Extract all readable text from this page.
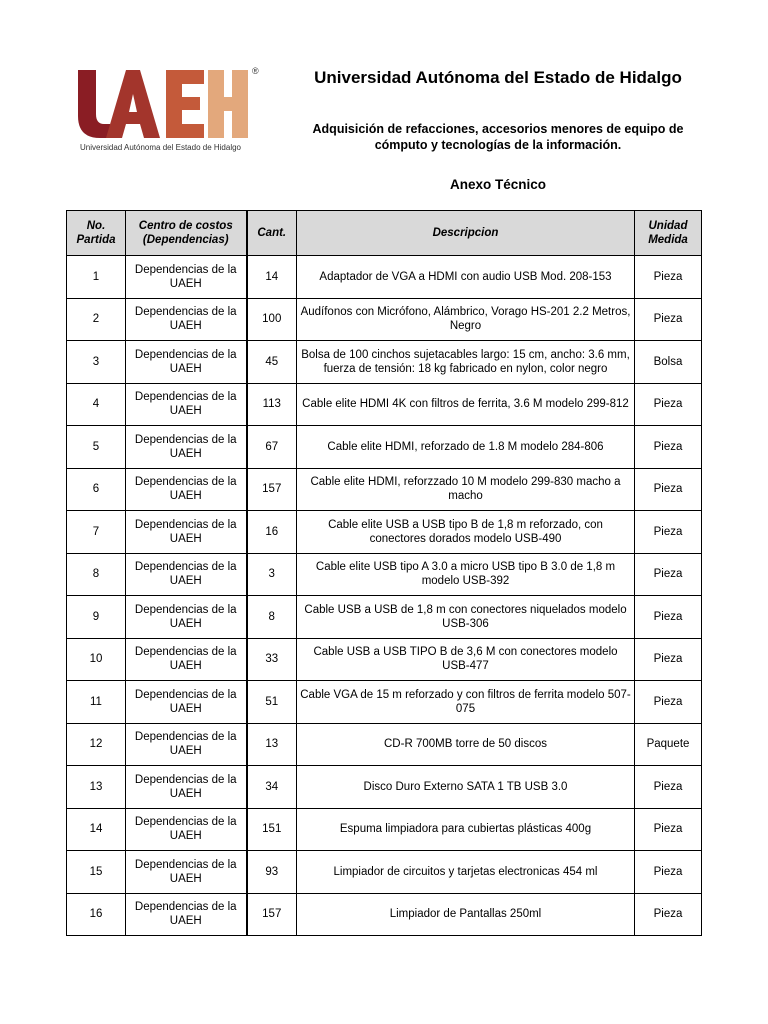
®
Universidad Autónoma del Estado de Hidalgo
Universidad Autónoma del Estado de Hidalgo
Adquisición de refacciones, accesorios menores de equipo de cómputo y tecnologías de la información.
Anexo Técnico
No. Partida	Centro de costos (Dependencias)	Cant.	Descripcion	Unidad Medida
1	Dependencias de la UAEH	14	Adaptador de VGA a HDMI con audio USB Mod. 208-153	Pieza
2	Dependencias de la UAEH	100	Audífonos con Micrófono, Alámbrico, Vorago HS-201 2.2 Metros, Negro	Pieza
3	Dependencias de la UAEH	45	Bolsa de 100 cinchos sujetacables largo: 15 cm, ancho: 3.6 mm, fuerza de tensión: 18 kg fabricado en nylon, color negro	Bolsa
4	Dependencias de la UAEH	113	Cable elite HDMI 4K con filtros de ferrita, 3.6 M modelo 299-812	Pieza
5	Dependencias de la UAEH	67	Cable elite HDMI, reforzado de 1.8 M modelo 284-806	Pieza
6	Dependencias de la UAEH	157	Cable elite HDMI, reforzzado 10 M modelo 299-830 macho a macho	Pieza
7	Dependencias de la UAEH	16	Cable elite USB a USB tipo B de 1,8 m reforzado, con conectores dorados modelo USB-490	Pieza
8	Dependencias de la UAEH	3	Cable elite USB tipo A 3.0 a micro USB tipo B 3.0 de 1,8 m modelo USB-392	Pieza
9	Dependencias de la UAEH	8	Cable USB a USB de 1,8 m con conectores niquelados modelo USB-306	Pieza
10	Dependencias de la UAEH	33	Cable USB a USB TIPO B de 3,6 M con conectores modelo USB-477	Pieza
11	Dependencias de la UAEH	51	Cable VGA de 15 m reforzado y con filtros de ferrita modelo 507-075	Pieza
12	Dependencias de la UAEH	13	CD-R 700MB torre de 50 discos	Paquete
13	Dependencias de la UAEH	34	Disco Duro Externo SATA 1 TB USB 3.0	Pieza
14	Dependencias de la UAEH	151	Espuma limpiadora para cubiertas plásticas 400g	Pieza
15	Dependencias de la UAEH	93	Limpiador de circuitos y tarjetas electronicas 454 ml	Pieza
16	Dependencias de la UAEH	157	Limpiador de Pantallas 250ml	Pieza
